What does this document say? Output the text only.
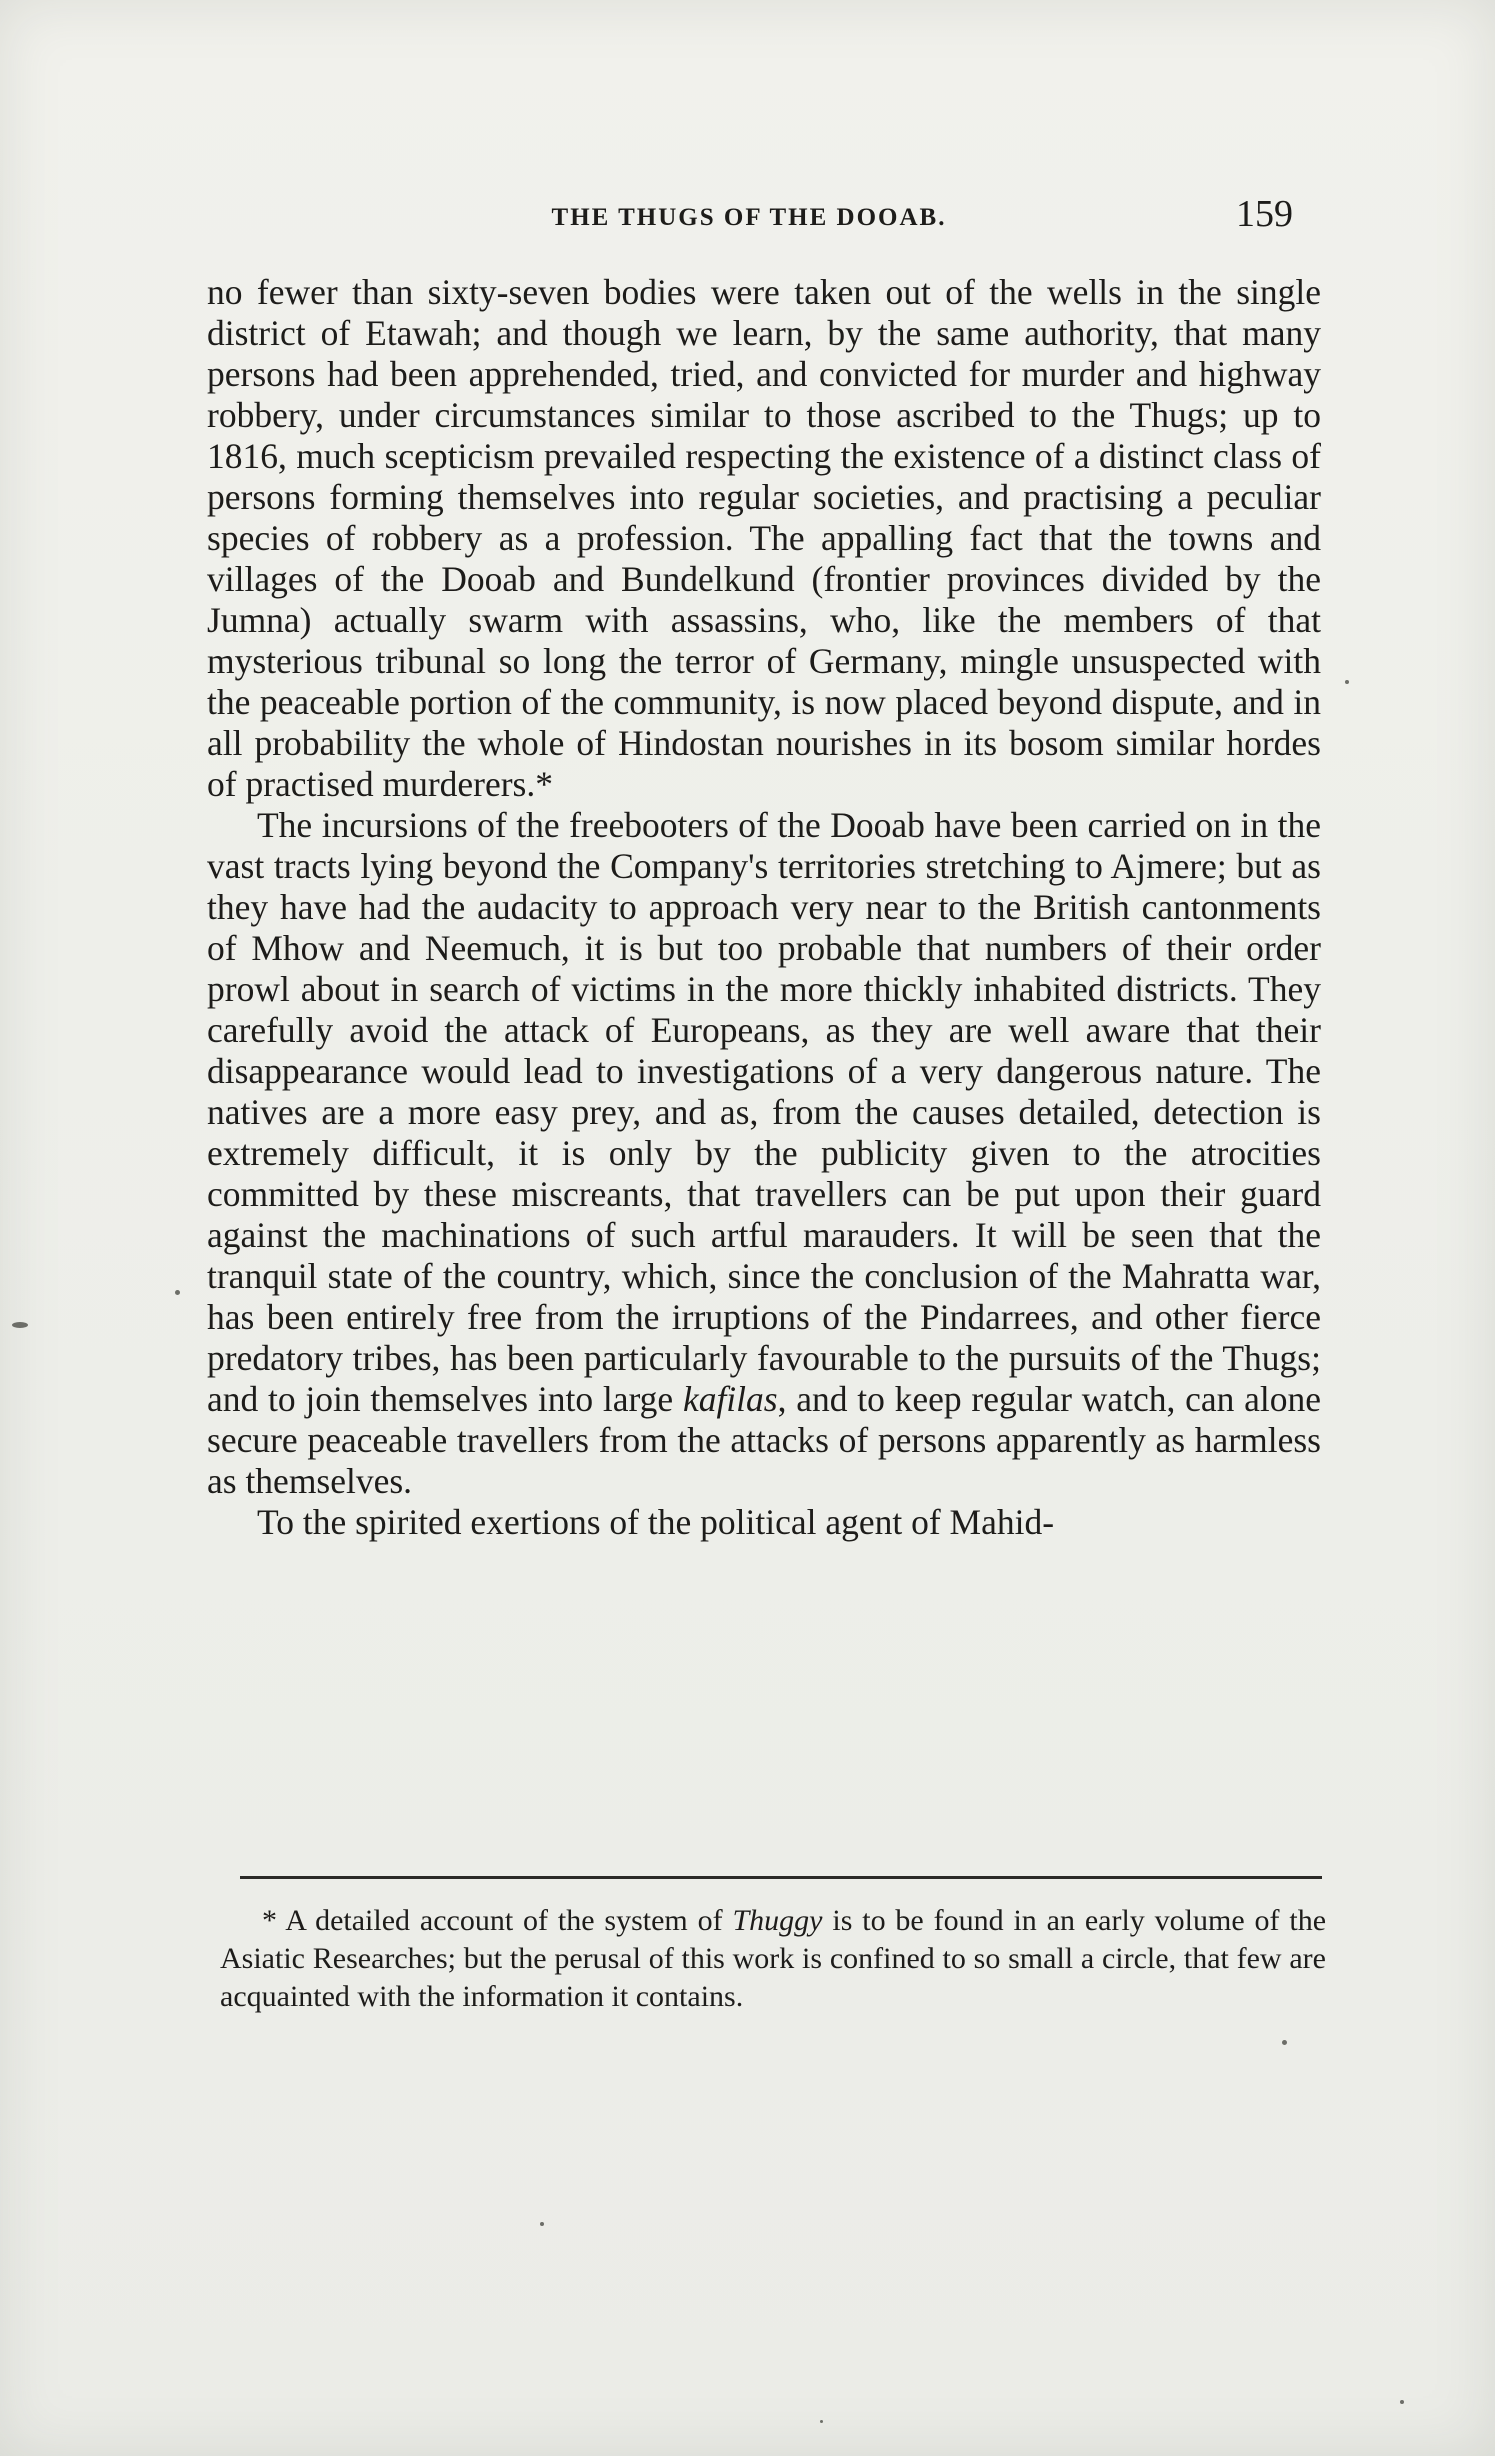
THE THUGS OF THE DOOAB.	159

no fewer than sixty-seven bodies were taken out of the wells in the single district of Etawah; and though we learn, by the same authority, that many persons had been apprehended, tried, and convicted for murder and highway robbery, under circumstances similar to those ascribed to the Thugs; up to 1816, much scepticism prevailed respecting the existence of a distinct class of persons forming themselves into regular societies, and practising a peculiar species of robbery as a profession. The appalling fact that the towns and villages of the Dooab and Bundelkund (frontier provinces divided by the Jumna) actually swarm with assassins, who, like the members of that mysterious tribunal so long the terror of Germany, mingle unsuspected with the peaceable portion of the community, is now placed beyond dispute, and in all probability the whole of Hindostan nourishes in its bosom similar hordes of practised murderers.*

The incursions of the freebooters of the Dooab have been carried on in the vast tracts lying beyond the Company's territories stretching to Ajmere; but as they have had the audacity to approach very near to the British cantonments of Mhow and Neemuch, it is but too probable that numbers of their order prowl about in search of victims in the more thickly inhabited districts. They carefully avoid the attack of Europeans, as they are well aware that their disappearance would lead to investigations of a very dangerous nature. The natives are a more easy prey, and as, from the causes detailed, detection is extremely difficult, it is only by the publicity given to the atrocities committed by these miscreants, that travellers can be put upon their guard against the machinations of such artful marauders. It will be seen that the tranquil state of the country, which, since the conclusion of the Mahratta war, has been entirely free from the irruptions of the Pindarrees, and other fierce predatory tribes, has been particularly favourable to the pursuits of the Thugs; and to join themselves into large kafilas, and to keep regular watch, can alone secure peaceable travellers from the attacks of persons apparently as harmless as themselves.

To the spirited exertions of the political agent of Mahid-

* A detailed account of the system of Thuggy is to be found in an early volume of the Asiatic Researches; but the perusal of this work is confined to so small a circle, that few are acquainted with the information it contains.
